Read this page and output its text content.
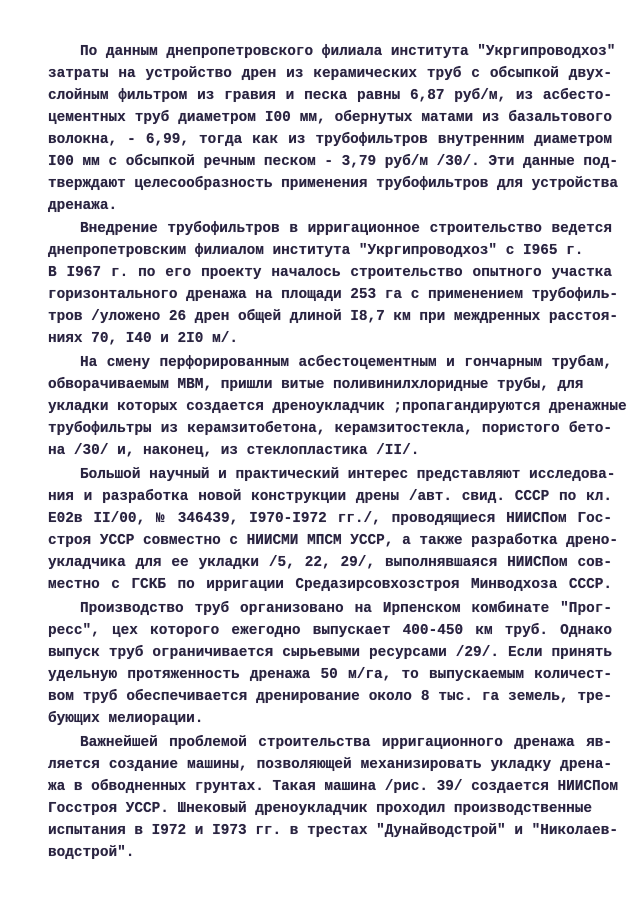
По данным днепропетровского филиала института "Укргипроводхоз"
затраты на устройство дрен из керамических труб с обсыпкой двух-
слойным фильтром из гравия и песка равны 6,87 руб/м, из асбесто-
цементных труб диаметром I00 мм, обернутых матами из базальтового
волокна, - 6,99, тогда как из трубофильтров внутренним диаметром
I00 мм с обсыпкой речным песком - 3,79 руб/м /30/. Эти данные под-
тверждают целесообразность применения трубофильтров для устройства
дренажа.
Внедрение трубофильтров в ирригационное строительство ведется
днепропетровским филиалом института "Укргипроводхоз" с I965 г.
В I967 г. по его проекту началось строительство опытного участка
горизонтального дренажа на площади 253 га с применением трубофиль-
тров /уложено 26 дрен общей длиной I8,7 км при междренных расстоя-
ниях 70, I40 и 2I0 м/.
На смену перфорированным асбестоцементным и гончарным трубам,
обворачиваемым МВМ, пришли витые поливинилхлоридные трубы, для
укладки которых создается дреноукладчик ;пропагандируются дренажные
трубофильтры из керамзитобетона, керамзитостекла, пористого бето-
на /30/ и, наконец, из стеклопластика /II/.
Большой научный и практический интерес представляют исследова-
ния и разработка новой конструкции дрены /авт. свид. СССР по кл.
Е02в II/00, № 346439, I970-I972 гг./, проводящиеся НИИСПом Гос-
строя УССР совместно с НИИСМИ МПСМ УССР, а также разработка дрено-
укладчика для ее укладки /5, 22, 29/, выполнявшаяся НИИСПом сов-
местно с ГСКБ по ирригации Средазирсовхозстроя Минводхоза СССР.
Производство труб организовано на Ирпенском комбинате "Прог-
ресс", цех которого ежегодно выпускает 400-450 км труб. Однако
выпуск труб ограничивается сырьевыми ресурсами /29/. Если принять
удельную протяженность дренажа 50 м/га, то выпускаемым количест-
вом труб обеспечивается дренирование около 8 тыс. га земель, тре-
бующих мелиорации.
Важнейшей проблемой строительства ирригационного дренажа яв-
ляется создание машины, позволяющей механизировать укладку дрена-
жа в обводненных грунтах. Такая машина /рис. 39/ создается НИИСПом
Госстроя УССР. Шнековый дреноукладчик проходил производственные
испытания в I972 и I973 гг. в трестах "Дунайводстрой" и "Николаев-
водстрой".
